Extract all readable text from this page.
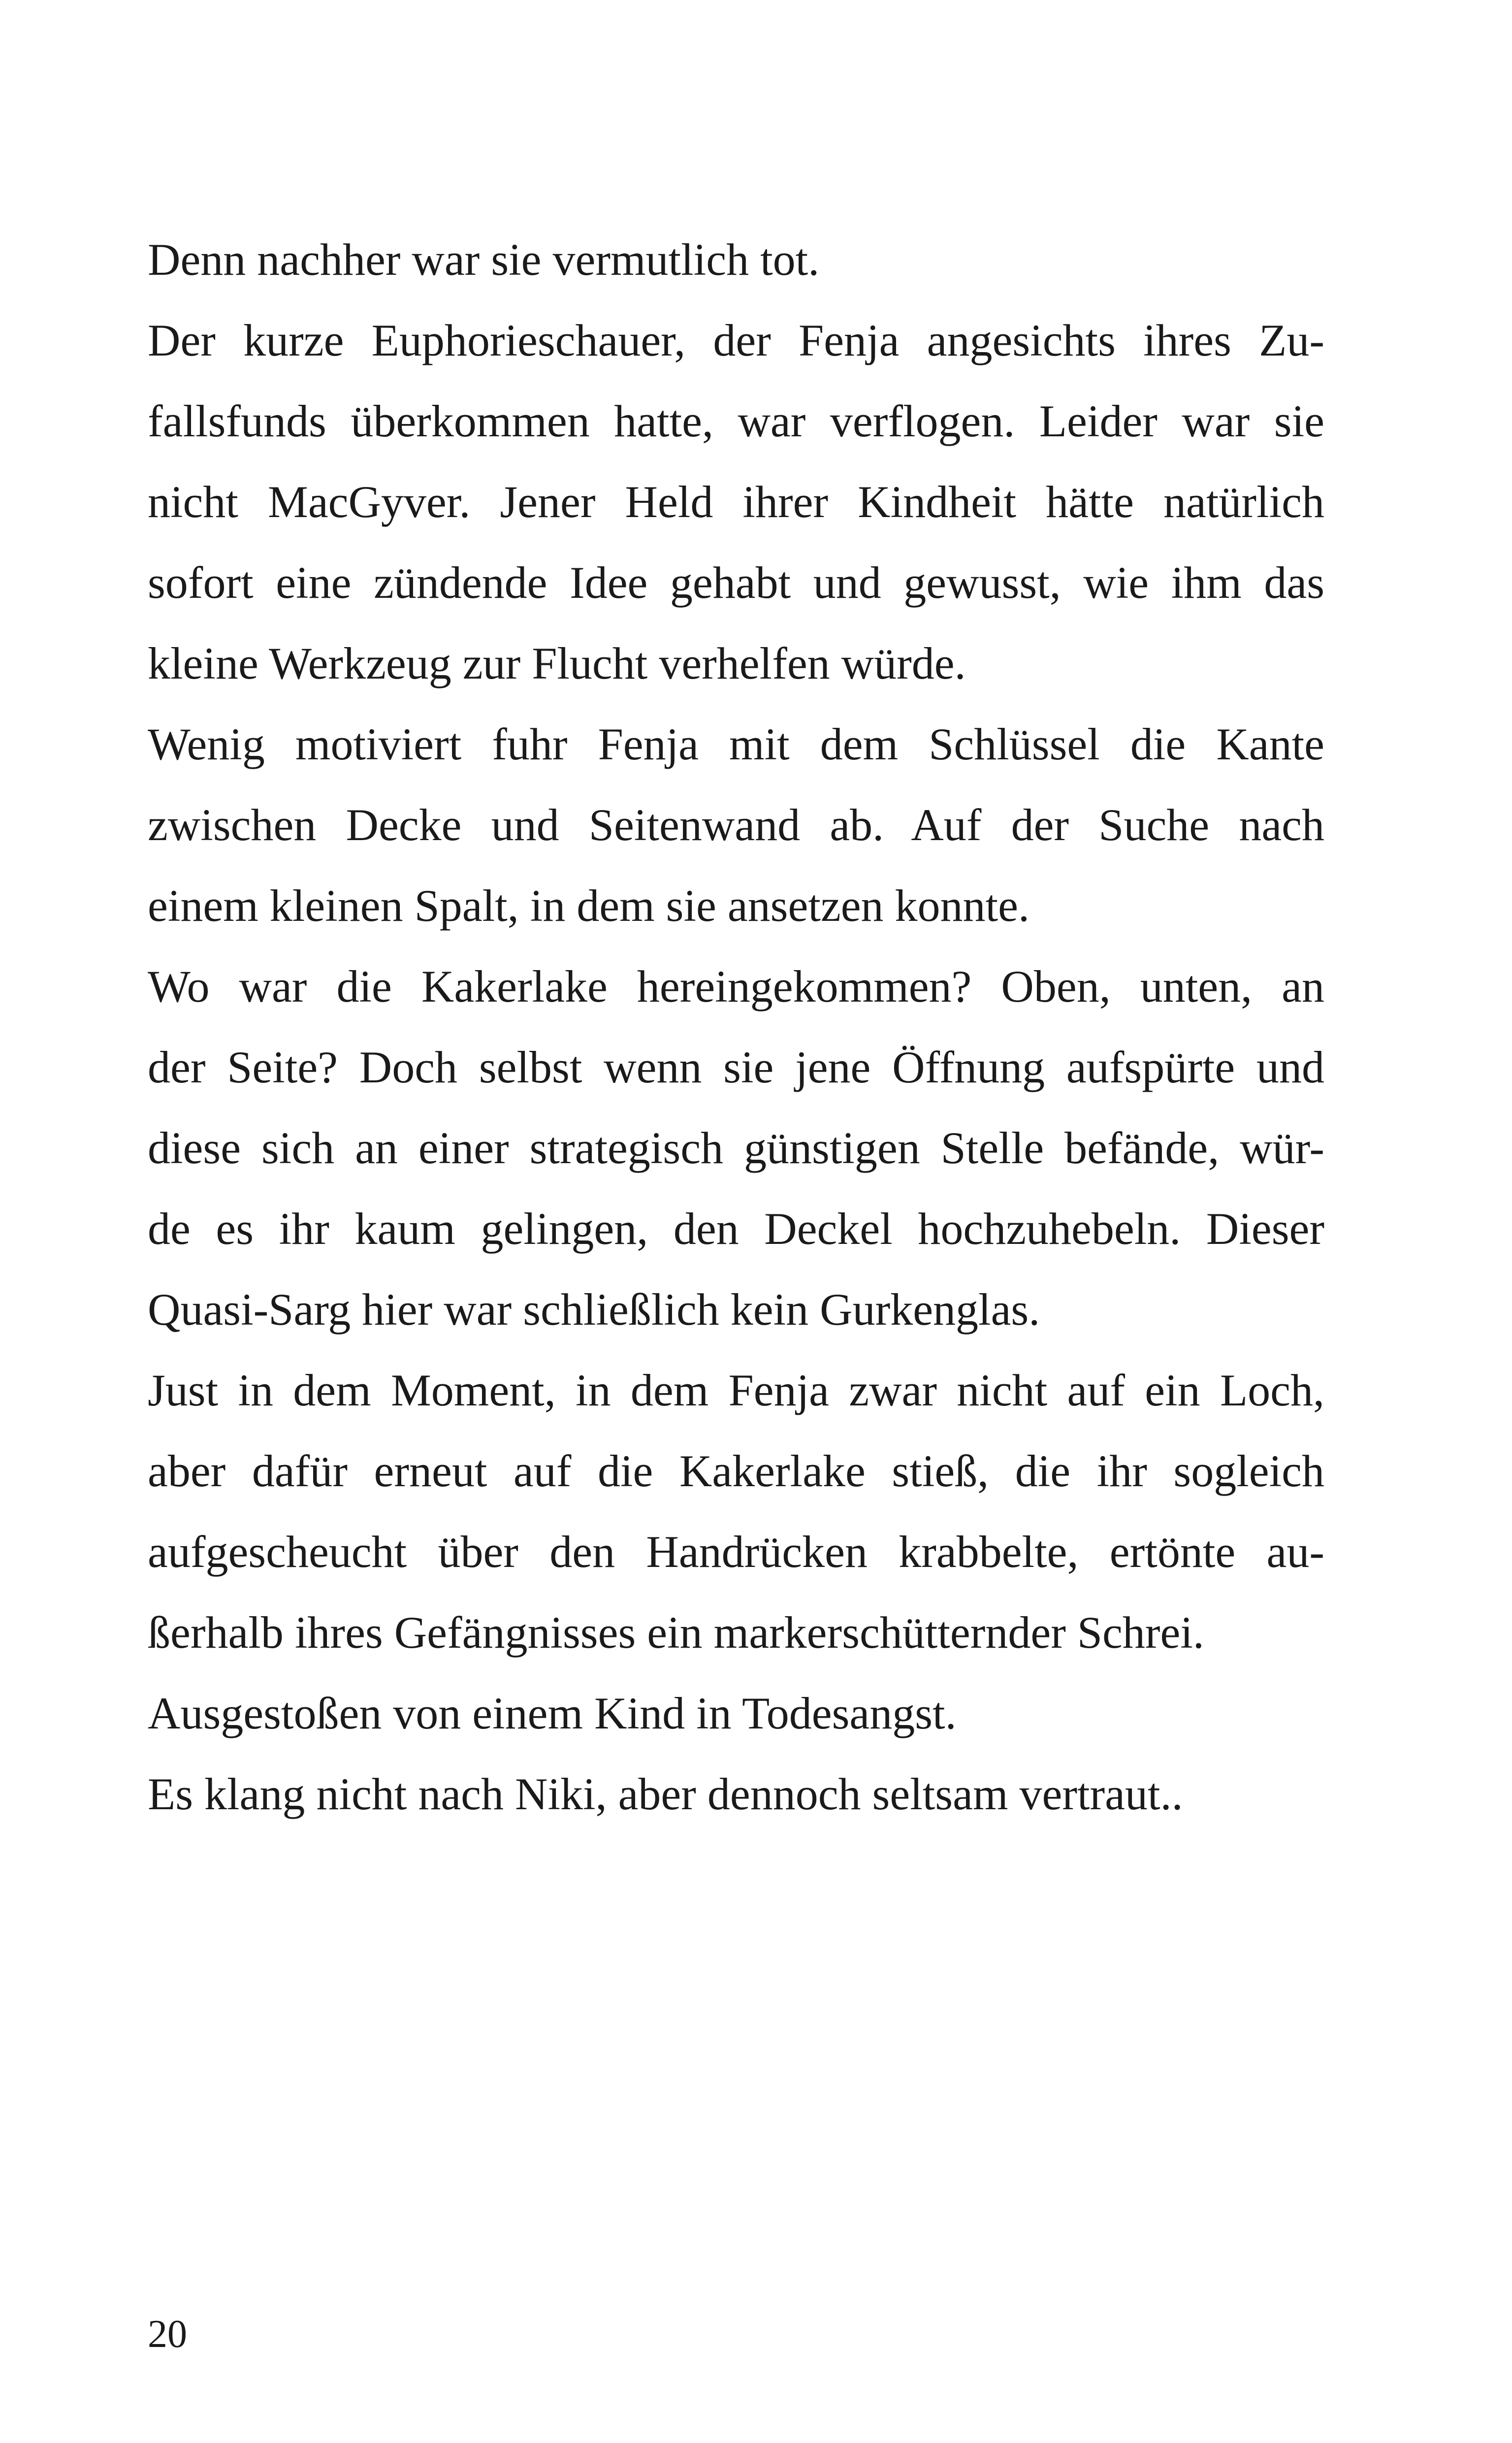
Denn nachher war sie vermutlich tot.
Der kurze Euphorieschauer, der Fenja angesichts ihres Zu-
fallsfunds überkommen hatte, war verflogen. Leider war sie
nicht MacGyver. Jener Held ihrer Kindheit hätte natürlich
sofort eine zündende Idee gehabt und gewusst, wie ihm das
kleine Werkzeug zur Flucht verhelfen würde.
Wenig motiviert fuhr Fenja mit dem Schlüssel die Kante
zwischen Decke und Seitenwand ab. Auf der Suche nach
einem kleinen Spalt, in dem sie ansetzen konnte.
Wo war die Kakerlake hereingekommen? Oben, unten, an
der Seite? Doch selbst wenn sie jene Öffnung aufspürte und
diese sich an einer strategisch günstigen Stelle befände, wür-
de es ihr kaum gelingen, den Deckel hochzuhebeln. Dieser
Quasi-Sarg hier war schließlich kein Gurkenglas.
Just in dem Moment, in dem Fenja zwar nicht auf ein Loch,
aber dafür erneut auf die Kakerlake stieß, die ihr sogleich
aufgescheucht über den Handrücken krabbelte, ertönte au-
ßerhalb ihres Gefängnisses ein markerschütternder Schrei.
Ausgestoßen von einem Kind in Todesangst.
Es klang nicht nach Niki, aber dennoch seltsam vertraut..
20
